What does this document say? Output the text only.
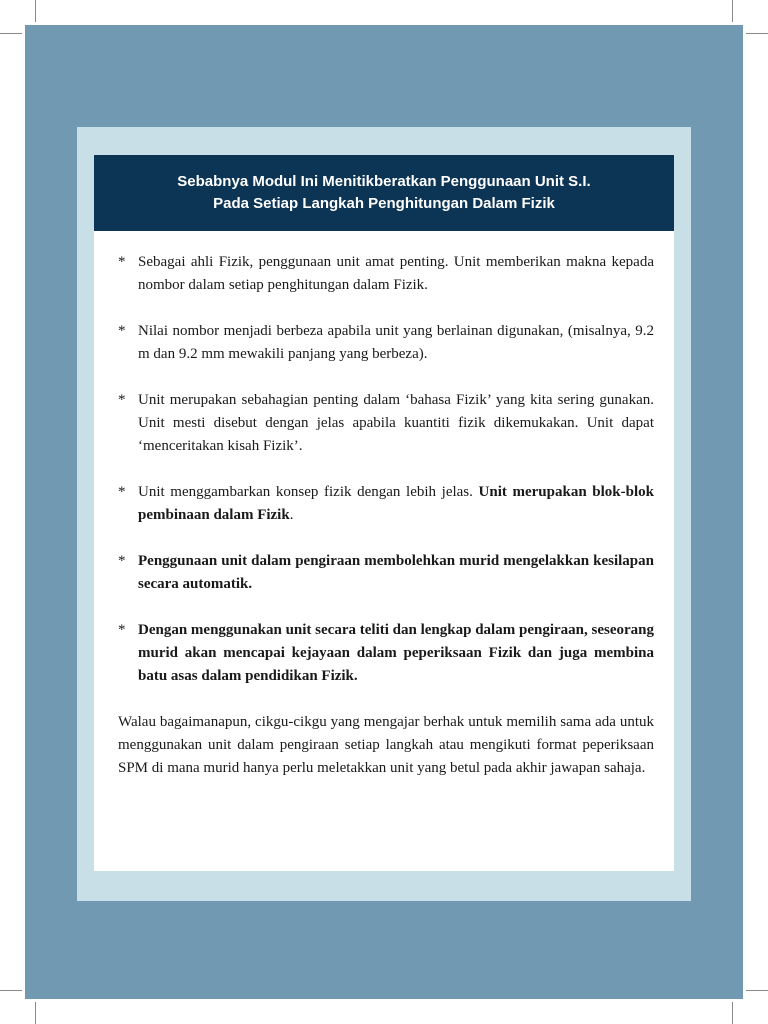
Sebabnya Modul Ini Menitikberatkan Penggunaan Unit S.I.
Pada Setiap Langkah Penghitungan Dalam Fizik
* Sebagai ahli Fizik, penggunaan unit amat penting. Unit memberikan makna kepada nombor dalam setiap penghitungan dalam Fizik.
* Nilai nombor menjadi berbeza apabila unit yang berlainan digunakan, (misalnya, 9.2 m dan 9.2 mm mewakili panjang yang berbeza).
* Unit merupakan sebahagian penting dalam ‘bahasa Fizik’ yang kita sering gunakan. Unit mesti disebut dengan jelas apabila kuantiti fizik dikemukakan. Unit dapat ‘menceritakan kisah Fizik’.
* Unit menggambarkan konsep fizik dengan lebih jelas. Unit merupakan blok-blok pembinaan dalam Fizik.
* Penggunaan unit dalam pengiraan membolehkan murid mengelakkan kesilapan secara automatik.
* Dengan menggunakan unit secara teliti dan lengkap dalam pengiraan, seseorang murid akan mencapai kejayaan dalam peperiksaan Fizik dan juga membina batu asas dalam pendidikan Fizik.
Walau bagaimanapun, cikgu-cikgu yang mengajar berhak untuk memilih sama ada untuk menggunakan unit dalam pengiraan setiap langkah atau mengikuti format peperiksaan SPM di mana murid hanya perlu meletakkan unit yang betul pada akhir jawapan sahaja.
